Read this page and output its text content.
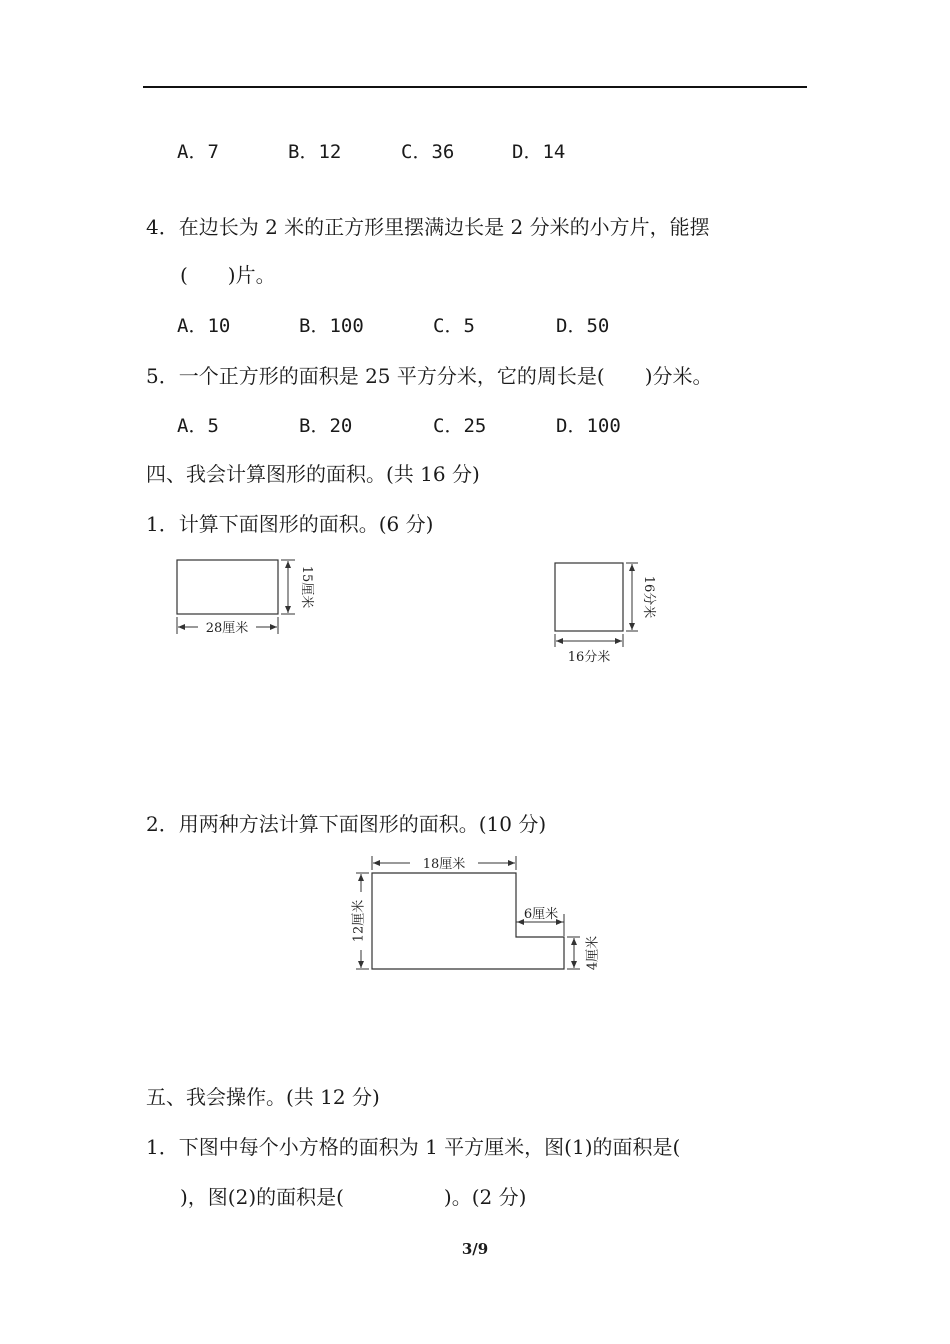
A．7	B．12	C．36	D．14
4．在边长为 2 米的正方形里摆满边长是 2 分米的小方片，能摆
(　　)片。
A．10	B．100	C．5	D．50
5．一个正方形的面积是 25 平方分米，它的周长是(　　)分米。
A．5	B．20	C．25	D．100
四、我会计算图形的面积。(共 16 分)
1．计算下面图形的面积。(6 分)
15厘米
28厘米
16分米
16分米
2．用两种方法计算下面图形的面积。(10 分)
18厘米
12厘米	6厘米
4厘米
五、我会操作。(共 12 分)
1．下图中每个小方格的面积为 1 平方厘米，图(1)的面积是(
)，图(2)的面积是(　　　　　)。(2 分)
3/9
